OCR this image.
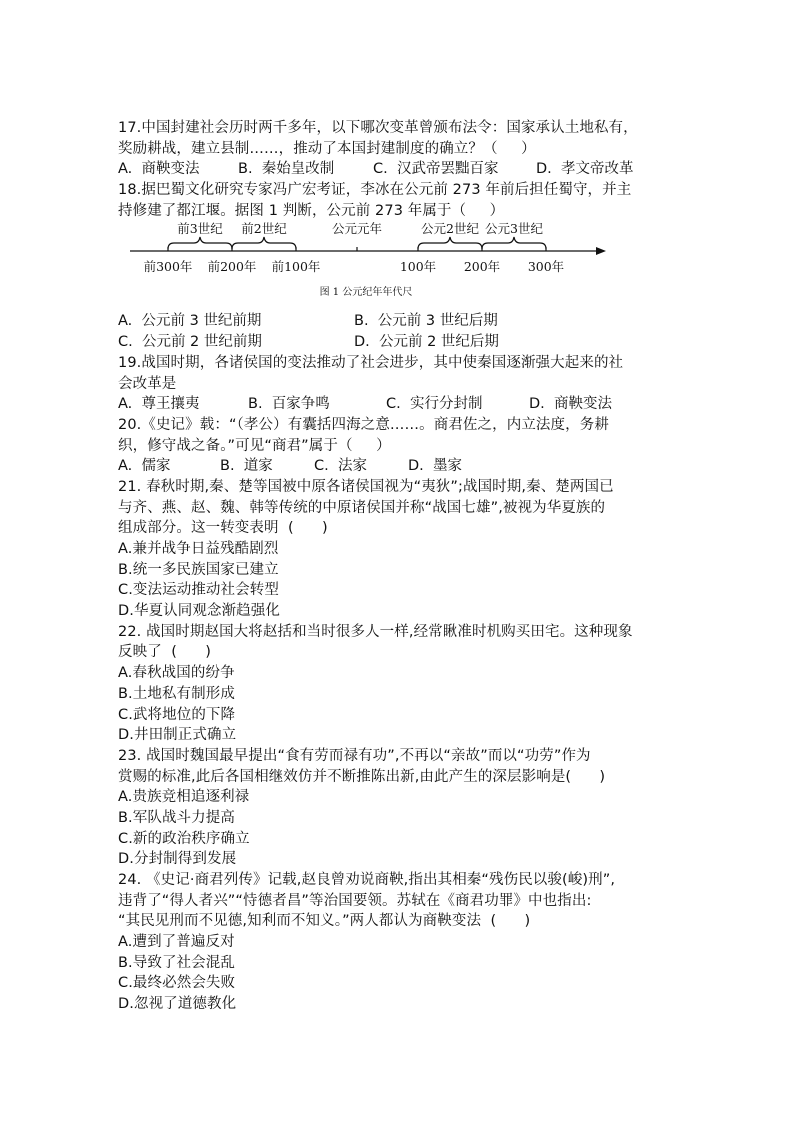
17.中国封建社会历时两千多年，以下哪次变革曾颁布法令：国家承认土地私有，
奖励耕战，建立县制……，推动了本国封建制度的确立？（     ）
A.  商鞅变法	B.  秦始皇改制	C.  汉武帝罢黜百家	D.  孝文帝改革
18.据巴蜀文化研究专家冯广宏考证，李冰在公元前 273 年前后担任蜀守，并主
持修建了都江堰。据图 1 判断，公元前 273 年属于（     ）
前3世纪 前2世纪	公元元年	公元2世纪 公元3世纪
前300年 前200年 前100年	100年 200年 300年
图 1 公元纪年年代尺
A.  公元前 3 世纪前期	B.  公元前 3 世纪后期
C.  公元前 2 世纪前期	D.  公元前 2 世纪后期
19.战国时期，各诸侯国的变法推动了社会进步，其中使秦国逐渐强大起来的社
会改革是
A.  尊王攘夷	B.  百家争鸣	C.  实行分封制	D.  商鞅变法
20.《史记》载：“（孝公）有囊括四海之意……。商君佐之，内立法度，务耕
织，修守战之备。”可见“商君”属于（     ）
A.  儒家	B.  道家	C.  法家	D.  墨家
21. 春秋时期,秦、楚等国被中原各诸侯国视为“夷狄”;战国时期,秦、楚两国已
与齐、燕、赵、魏、韩等传统的中原诸侯国并称“战国七雄”,被视为华夏族的
组成部分。这一转变表明  (      )
A.兼并战争日益残酷剧烈
B.统一多民族国家已建立
C.变法运动推动社会转型
D.华夏认同观念渐趋强化
22. 战国时期赵国大将赵括和当时很多人一样,经常瞅准时机购买田宅。这种现象
反映了  (      )
A.春秋战国的纷争
B.土地私有制形成
C.武将地位的下降
D.井田制正式确立
23. 战国时魏国最早提出“食有劳而禄有功”,不再以“亲故”而以“功劳”作为
赏赐的标准,此后各国相继效仿并不断推陈出新,由此产生的深层影响是(      )
A.贵族竞相追逐利禄
B.军队战斗力提高
C.新的政治秩序确立
D.分封制得到发展
24. 《史记·商君列传》记载,赵良曾劝说商鞅,指出其相秦“残伤民以骏(峻)刑”,
违背了“得人者兴”“恃德者昌”等治国要领。苏轼在《商君功罪》中也指出:
“其民见刑而不见德,知利而不知义。”两人都认为商鞅变法  (      )
A.遭到了普遍反对
B.导致了社会混乱
C.最终必然会失败
D.忽视了道德教化
